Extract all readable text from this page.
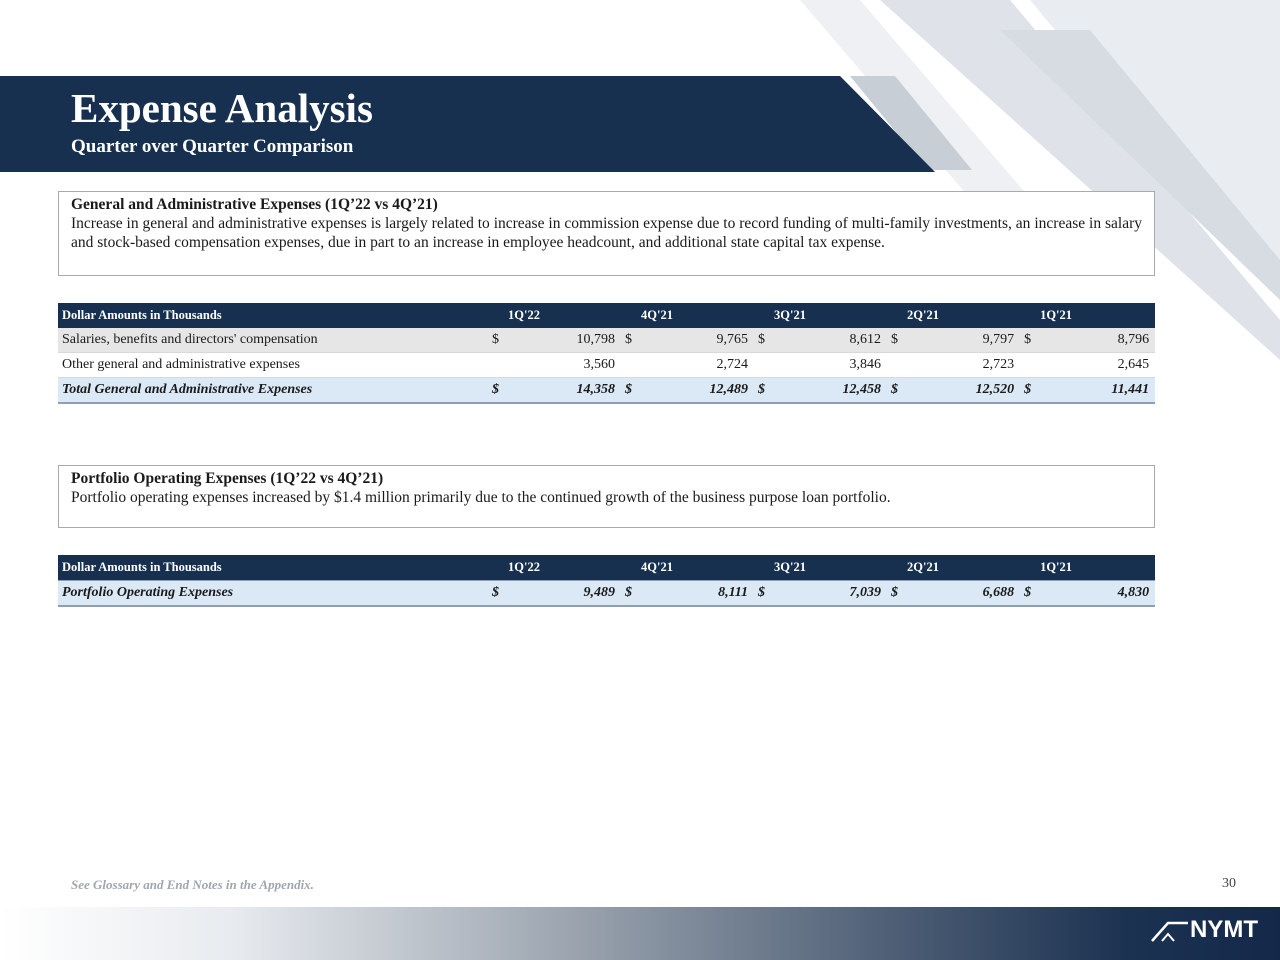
Expense Analysis
Quarter over Quarter Comparison
General and Administrative Expenses (1Q’22 vs 4Q’21)
Increase in general and administrative expenses is largely related to increase in commission expense due to record funding of multi-family investments, an increase in salary and stock-based compensation expenses, due in part to an increase in employee headcount, and additional state capital tax expense.
Dollar Amounts in Thousands	1Q'22		4Q'21		3Q'21		2Q'21		1Q'21	
Salaries, benefits and directors' compensation	$	10,798	$	9,765	$	8,612	$	9,797	$	8,796
Other general and administrative expenses		3,560		2,724		3,846		2,723		2,645
Total General and Administrative Expenses	$	14,358	$	12,489	$	12,458	$	12,520	$	11,441
Portfolio Operating Expenses (1Q’22 vs 4Q’21)
Portfolio operating expenses increased by $1.4 million primarily due to the continued growth of the business purpose loan portfolio.
Dollar Amounts in Thousands	1Q'22		4Q'21		3Q'21		2Q'21		1Q'21	
Portfolio Operating Expenses	$	9,489	$	8,111	$	7,039	$	6,688	$	4,830
See Glossary and End Notes in the Appendix.	30
NYMT
